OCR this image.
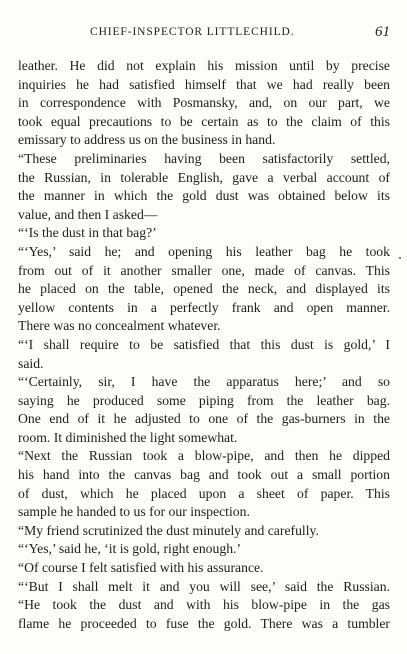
CHIEF-INSPECTOR LITTLECHILD.	61
leather. He did not explain his mission until by precise
inquiries he had satisfied himself that we had really been
in correspondence with Posmansky, and, on our part, we
took equal precautions to be certain as to the claim of this
emissary to address us on the business in hand.
“These preliminaries having been satisfactorily settled,
the Russian, in tolerable English, gave a verbal account of
the manner in which the gold dust was obtained below its
value, and then I asked—
“‘Is the dust in that bag?’
“‘Yes,’ said he; and opening his leather bag he took
from out of it another smaller one, made of canvas. This
he placed on the table, opened the neck, and displayed its
yellow contents in a perfectly frank and open manner.
There was no concealment whatever.
“‘I shall require to be satisfied that this dust is gold,’ I
said.
“‘Certainly, sir, I have the apparatus here;’ and so
saying he produced some piping from the leather bag.
One end of it he adjusted to one of the gas-burners in the
room. It diminished the light somewhat.
“Next the Russian took a blow-pipe, and then he dipped
his hand into the canvas bag and took out a small portion
of dust, which he placed upon a sheet of paper. This
sample he handed to us for our inspection.
“My friend scrutinized the dust minutely and carefully.
“‘Yes,’ said he, ‘it is gold, right enough.’
“Of course I felt satisfied with his assurance.
“‘But I shall melt it and you will see,’ said the Russian.
“He took the dust and with his blow-pipe in the gas
flame he proceeded to fuse the gold. There was a tumbler
